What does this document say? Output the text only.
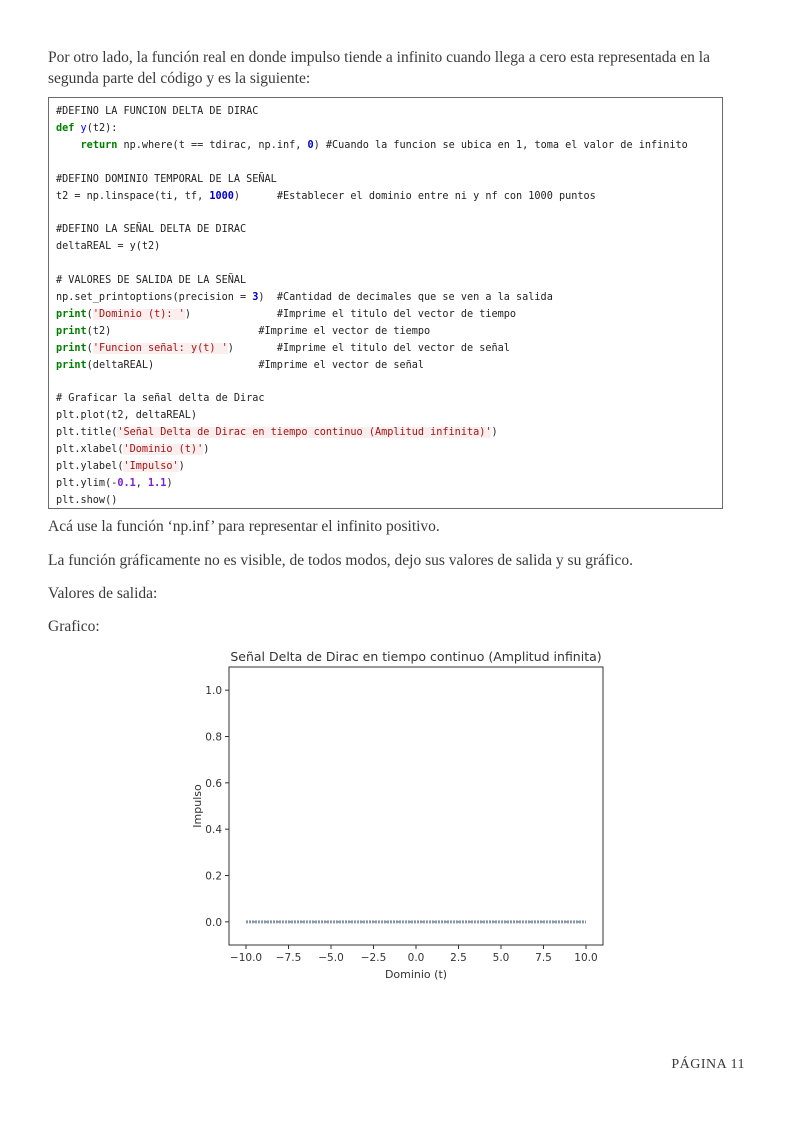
Por otro lado, la función real en donde impulso tiende a infinito cuando llega a cero esta representada en la segunda parte del código y es la siguiente:

#DEFINO LA FUNCION DELTA DE DIRAC
def y(t2):
return np.where(t == tdirac, np.inf, 0) #Cuando la funcion se ubica en 1, toma el valor de infinito
#DEFINO DOMINIO TEMPORAL DE LA SEÑAL
t2 = np.linspace(ti, tf, 1000)      #Establecer el dominio entre ni y nf con 1000 puntos
#DEFINO LA SEÑAL DELTA DE DIRAC
deltaREAL = y(t2)
# VALORES DE SALIDA DE LA SEÑAL
np.set_printoptions(precision = 3)  #Cantidad de decimales que se ven a la salida
print('Dominio (t): ')              #Imprime el titulo del vector de tiempo
print(t2)                        #Imprime el vector de tiempo
print('Funcion señal: y(t) ')       #Imprime el titulo del vector de señal
print(deltaREAL)                 #Imprime el vector de señal
# Graficar la señal delta de Dirac
plt.plot(t2, deltaREAL)
plt.title('Señal Delta de Dirac en tiempo continuo (Amplitud infinita)')
plt.xlabel('Dominio (t)')
plt.ylabel('Impulso')
plt.ylim(-0.1, 1.1)
plt.show()

Acá use la función ‘np.inf’ para representar el infinito positivo.

La función gráficamente no es visible, de todos modos, dejo sus valores de salida y su gráfico.

Valores de salida:

Grafico:

Señal Delta de Dirac en tiempo continuo (Amplitud infinita)
−10.0 −7.5 −5.0 −2.5 0.0 2.5 5.0 7.5 10.0
0.0
0.2
0.4
0.6
0.8
1.0
Dominio (t)
Impulso
PÁGINA 11
